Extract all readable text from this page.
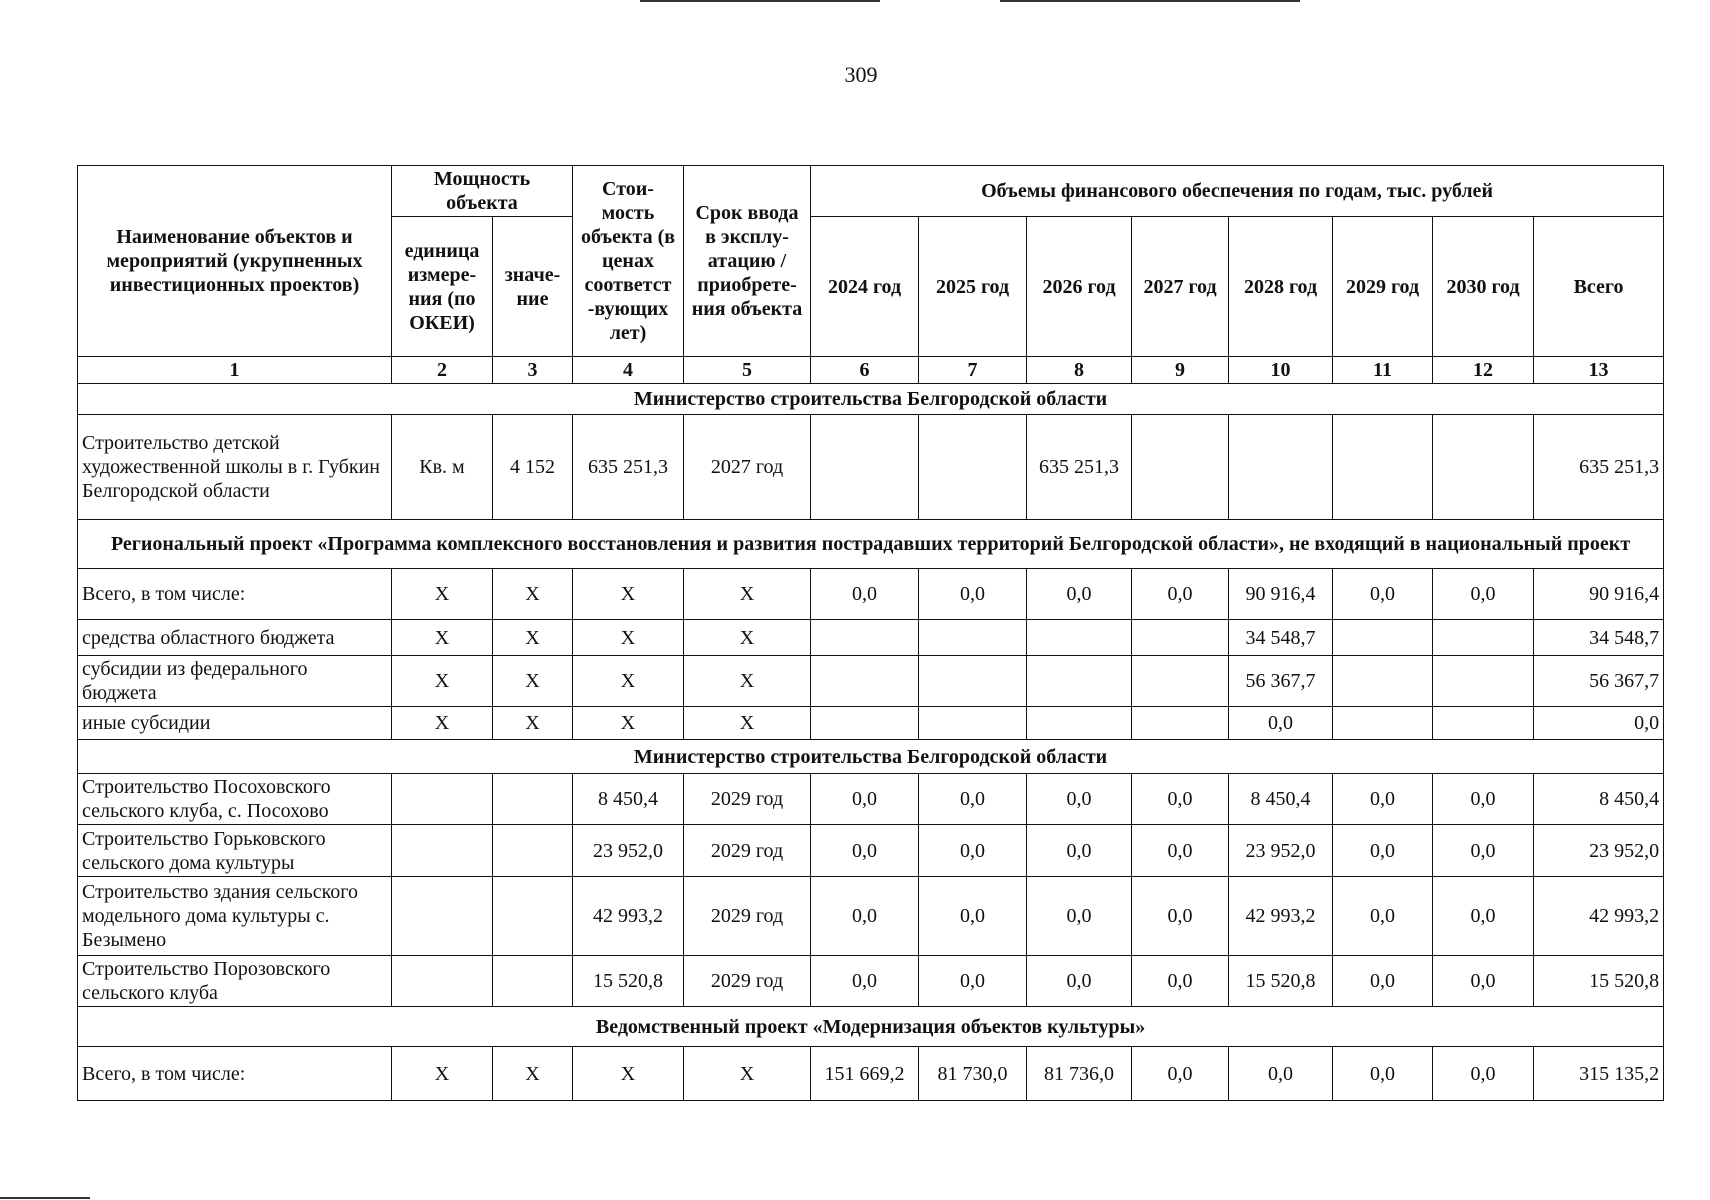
309
Наименование объектов и мероприятий (укрупненных инвестиционных проектов)	Мощность объекта		Стои-мость объекта (в ценах соответст -вующих лет)	Срок ввода в эксплу-атацию / приобрете-ния объекта	Объемы финансового обеспечения по годам, тыс. рублей							
	единица измере-ния (по ОКЕИ)	значе-ние			2024 год	2025 год	2026 год	2027 год	2028 год	2029 год	2030 год	Всего
1	2	3	4	5	6	7	8	9	10	11	12	13
Министерство строительства Белгородской области												
Строительство детской художественной школы в г. Губкин Белгородской области	Кв. м	4 152	635 251,3	2027 год			635 251,3					635 251,3
Региональный проект «Программа комплексного восстановления и развития пострадавших территорий Белгородской области», не входящий в национальный проект												
Всего, в том числе:	X	X	X	X	0,0	0,0	0,0	0,0	90 916,4	0,0	0,0	90 916,4
средства областного бюджета	X	X	X	X					34 548,7			34 548,7
субсидии из федерального бюджета	X	X	X	X					56 367,7			56 367,7
иные субсидии	X	X	X	X					0,0			0,0
Министерство строительства Белгородской области												
Строительство Посоховского сельского клуба, с. Посохово			8 450,4	2029 год	0,0	0,0	0,0	0,0	8 450,4	0,0	0,0	8 450,4
Строительство Горьковского сельского дома культуры			23 952,0	2029 год	0,0	0,0	0,0	0,0	23 952,0	0,0	0,0	23 952,0
Строительство здания сельского модельного дома культуры с. Безымено			42 993,2	2029 год	0,0	0,0	0,0	0,0	42 993,2	0,0	0,0	42 993,2
Строительство Порозовского сельского клуба			15 520,8	2029 год	0,0	0,0	0,0	0,0	15 520,8	0,0	0,0	15 520,8
Ведомственный проект «Модернизация объектов культуры»												
Всего, в том числе:	X	X	X	X	151 669,2	81 730,0	81 736,0	0,0	0,0	0,0	0,0	315 135,2
